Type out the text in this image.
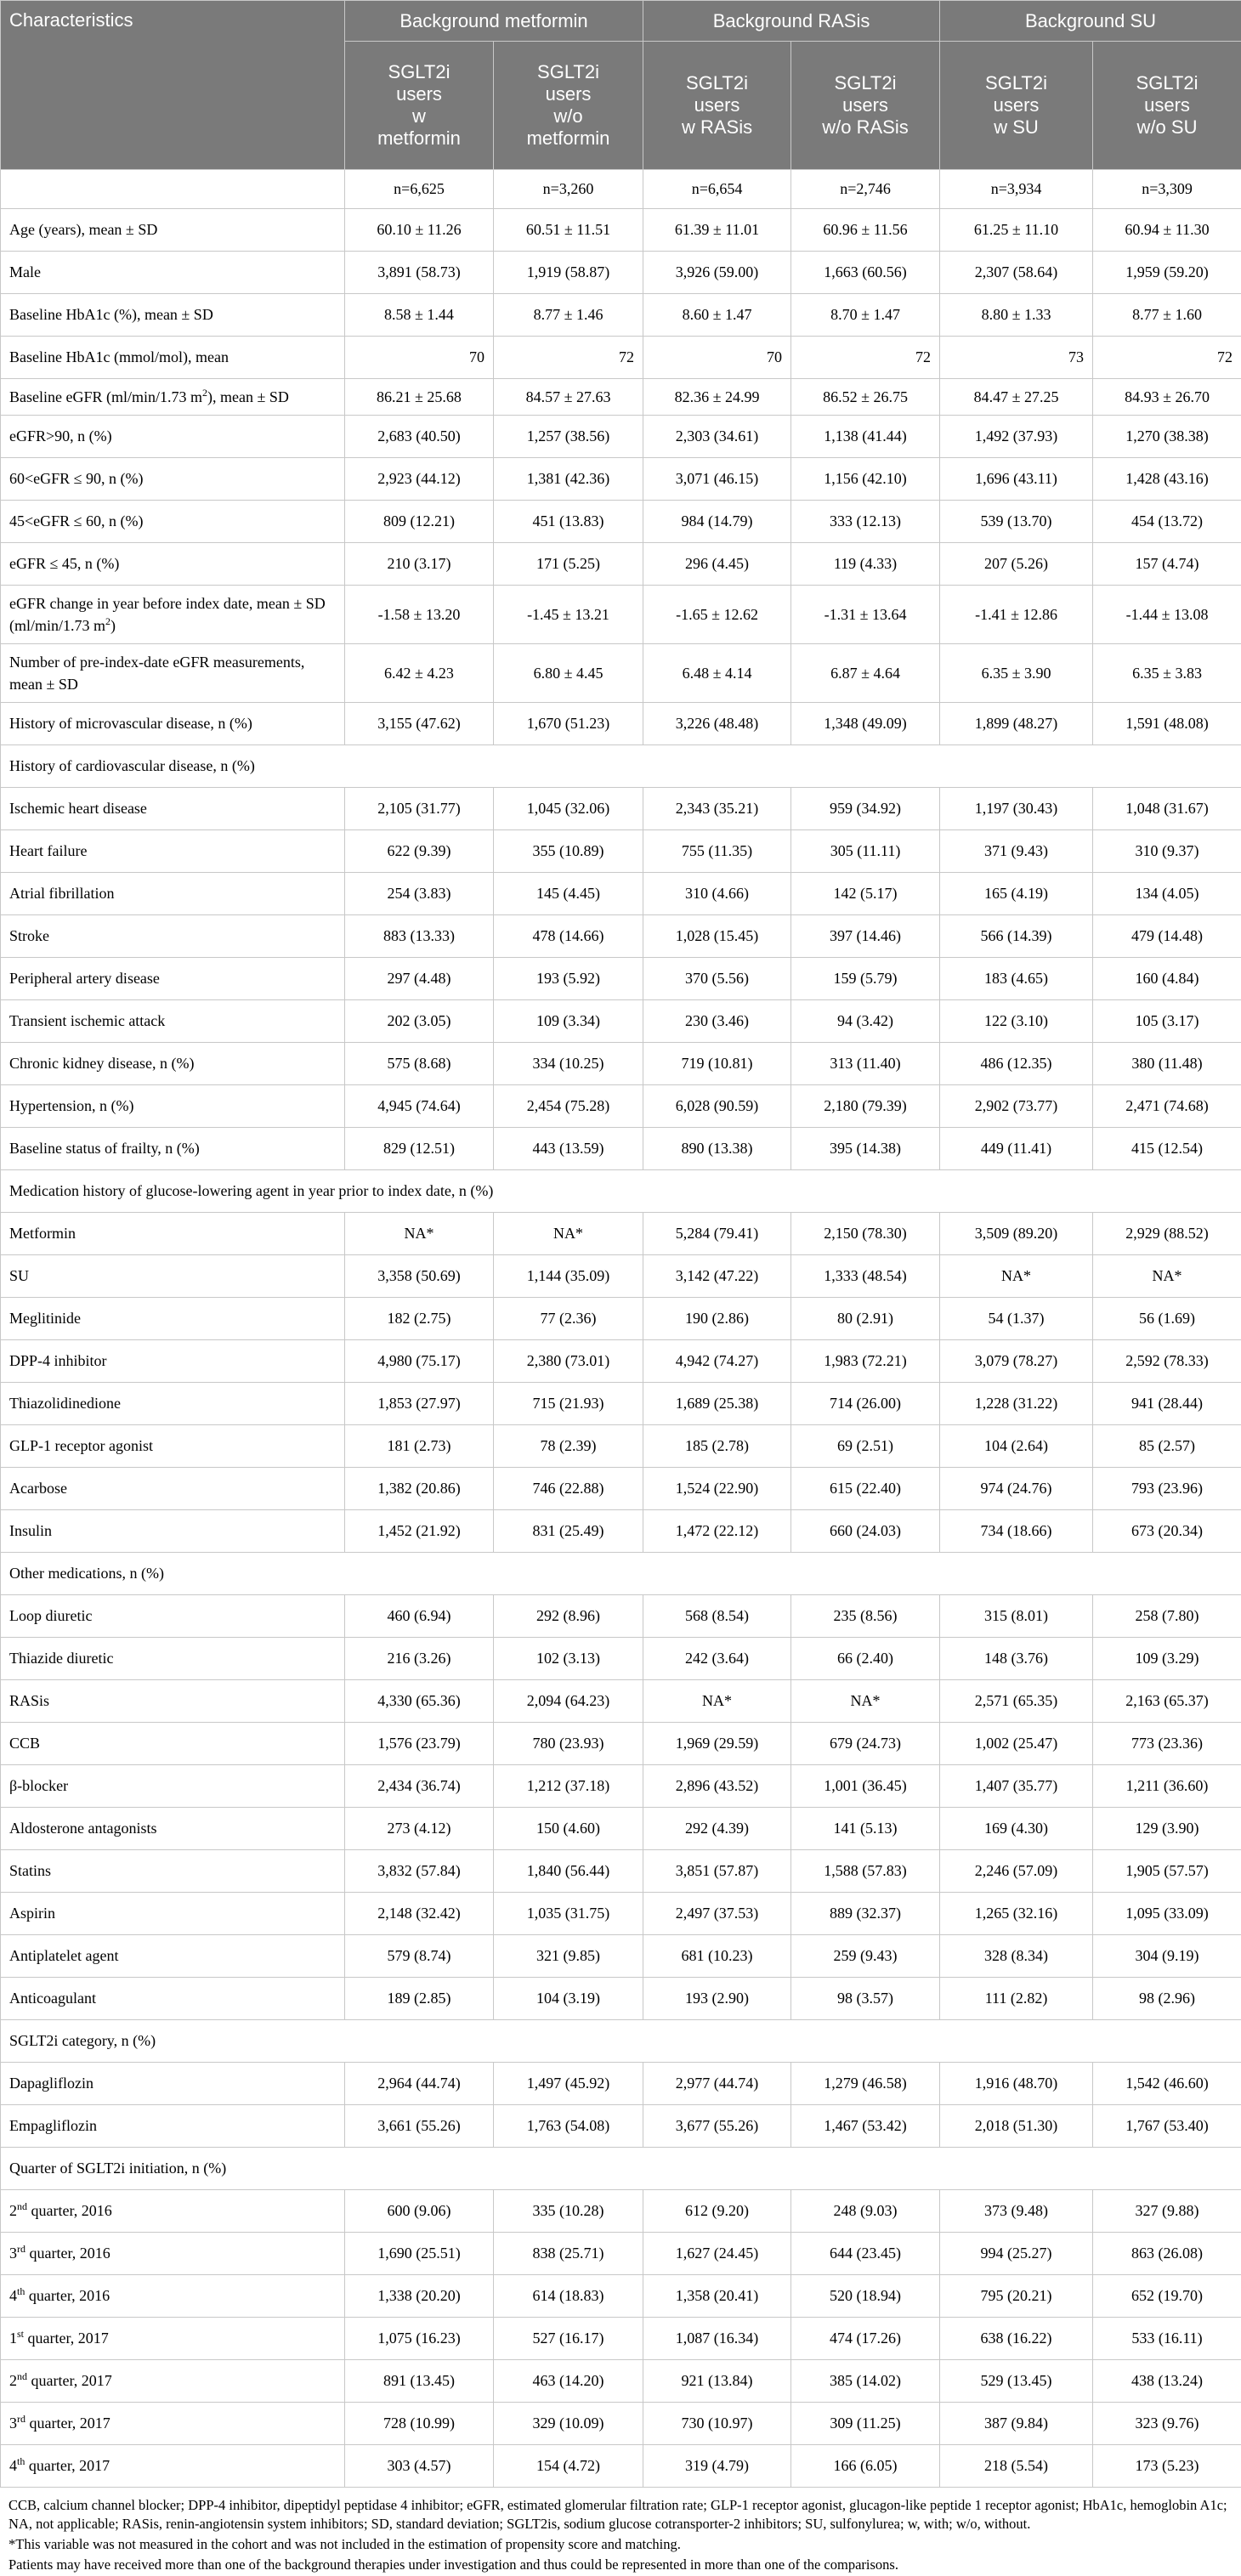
Characteristics	Background metformin		Background RASis		Background SU	
	SGLT2i
users
w
metformin	SGLT2i
users
w/o
metformin	SGLT2i
users
w RASis	SGLT2i
users
w/o RASis	SGLT2i
users
w SU	SGLT2i
users
w/o SU
	n=6,625	n=3,260	n=6,654	n=2,746	n=3,934	n=3,309
Age (years), mean ± SD	60.10 ± 11.26	60.51 ± 11.51	61.39 ± 11.01	60.96 ± 11.56	61.25 ± 11.10	60.94 ± 11.30
Male	3,891 (58.73)	1,919 (58.87)	3,926 (59.00)	1,663 (60.56)	2,307 (58.64)	1,959 (59.20)
Baseline HbA1c (%), mean ± SD	8.58 ± 1.44	8.77 ± 1.46	8.60 ± 1.47	8.70 ± 1.47	8.80 ± 1.33	8.77 ± 1.60
Baseline HbA1c (mmol/mol), mean	70	72	70	72	73	72
Baseline eGFR (ml/min/1.73 $m^2$), mean ± SD	86.21 ± 25.68	84.57 ± 27.63	82.36 ± 24.99	86.52 ± 26.75	84.47 ± 27.25	84.93 ± 26.70
eGFR>90, n (%)	2,683 (40.50)	1,257 (38.56)	2,303 (34.61)	1,138 (41.44)	1,492 (37.93)	1,270 (38.38)
60<eGFR ≤ 90, n (%)	2,923 (44.12)	1,381 (42.36)	3,071 (46.15)	1,156 (42.10)	1,696 (43.11)	1,428 (43.16)
45<eGFR ≤ 60, n (%)	809 (12.21)	451 (13.83)	984 (14.79)	333 (12.13)	539 (13.70)	454 (13.72)
eGFR ≤ 45, n (%)	210 (3.17)	171 (5.25)	296 (4.45)	119 (4.33)	207 (5.26)	157 (4.74)
eGFR change in year before index date, mean ± SD (ml/min/1.73 $m^2$)	-1.58 ± 13.20	-1.45 ± 13.21	-1.65 ± 12.62	-1.31 ± 13.64	-1.41 ± 12.86	-1.44 ± 13.08
Number of pre-index-date eGFR measurements, mean ± SD	6.42 ± 4.23	6.80 ± 4.45	6.48 ± 4.14	6.87 ± 4.64	6.35 ± 3.90	6.35 ± 3.83
History of microvascular disease, n (%)	3,155 (47.62)	1,670 (51.23)	3,226 (48.48)	1,348 (49.09)	1,899 (48.27)	1,591 (48.08)
History of cardiovascular disease, n (%)						
Ischemic heart disease	2,105 (31.77)	1,045 (32.06)	2,343 (35.21)	959 (34.92)	1,197 (30.43)	1,048 (31.67)
Heart failure	622 (9.39)	355 (10.89)	755 (11.35)	305 (11.11)	371 (9.43)	310 (9.37)
Atrial fibrillation	254 (3.83)	145 (4.45)	310 (4.66)	142 (5.17)	165 (4.19)	134 (4.05)
Stroke	883 (13.33)	478 (14.66)	1,028 (15.45)	397 (14.46)	566 (14.39)	479 (14.48)
Peripheral artery disease	297 (4.48)	193 (5.92)	370 (5.56)	159 (5.79)	183 (4.65)	160 (4.84)
Transient ischemic attack	202 (3.05)	109 (3.34)	230 (3.46)	94 (3.42)	122 (3.10)	105 (3.17)
Chronic kidney disease, n (%)	575 (8.68)	334 (10.25)	719 (10.81)	313 (11.40)	486 (12.35)	380 (11.48)
Hypertension, n (%)	4,945 (74.64)	2,454 (75.28)	6,028 (90.59)	2,180 (79.39)	2,902 (73.77)	2,471 (74.68)
Baseline status of frailty, n (%)	829 (12.51)	443 (13.59)	890 (13.38)	395 (14.38)	449 (11.41)	415 (12.54)
Medication history of glucose-lowering agent in year prior to index date, n (%)						
Metformin	NA*	NA*	5,284 (79.41)	2,150 (78.30)	3,509 (89.20)	2,929 (88.52)
SU	3,358 (50.69)	1,144 (35.09)	3,142 (47.22)	1,333 (48.54)	NA*	NA*
Meglitinide	182 (2.75)	77 (2.36)	190 (2.86)	80 (2.91)	54 (1.37)	56 (1.69)
DPP-4 inhibitor	4,980 (75.17)	2,380 (73.01)	4,942 (74.27)	1,983 (72.21)	3,079 (78.27)	2,592 (78.33)
Thiazolidinedione	1,853 (27.97)	715 (21.93)	1,689 (25.38)	714 (26.00)	1,228 (31.22)	941 (28.44)
GLP-1 receptor agonist	181 (2.73)	78 (2.39)	185 (2.78)	69 (2.51)	104 (2.64)	85 (2.57)
Acarbose	1,382 (20.86)	746 (22.88)	1,524 (22.90)	615 (22.40)	974 (24.76)	793 (23.96)
Insulin	1,452 (21.92)	831 (25.49)	1,472 (22.12)	660 (24.03)	734 (18.66)	673 (20.34)
Other medications, n (%)						
Loop diuretic	460 (6.94)	292 (8.96)	568 (8.54)	235 (8.56)	315 (8.01)	258 (7.80)
Thiazide diuretic	216 (3.26)	102 (3.13)	242 (3.64)	66 (2.40)	148 (3.76)	109 (3.29)
RASis	4,330 (65.36)	2,094 (64.23)	NA*	NA*	2,571 (65.35)	2,163 (65.37)
CCB	1,576 (23.79)	780 (23.93)	1,969 (29.59)	679 (24.73)	1,002 (25.47)	773 (23.36)
β-blocker	2,434 (36.74)	1,212 (37.18)	2,896 (43.52)	1,001 (36.45)	1,407 (35.77)	1,211 (36.60)
Aldosterone antagonists	273 (4.12)	150 (4.60)	292 (4.39)	141 (5.13)	169 (4.30)	129 (3.90)
Statins	3,832 (57.84)	1,840 (56.44)	3,851 (57.87)	1,588 (57.83)	2,246 (57.09)	1,905 (57.57)
Aspirin	2,148 (32.42)	1,035 (31.75)	2,497 (37.53)	889 (32.37)	1,265 (32.16)	1,095 (33.09)
Antiplatelet agent	579 (8.74)	321 (9.85)	681 (10.23)	259 (9.43)	328 (8.34)	304 (9.19)
Anticoagulant	189 (2.85)	104 (3.19)	193 (2.90)	98 (3.57)	111 (2.82)	98 (2.96)
SGLT2i category, n (%)						
Dapagliflozin	2,964 (44.74)	1,497 (45.92)	2,977 (44.74)	1,279 (46.58)	1,916 (48.70)	1,542 (46.60)
Empagliflozin	3,661 (55.26)	1,763 (54.08)	3,677 (55.26)	1,467 (53.42)	2,018 (51.30)	1,767 (53.40)
Quarter of SGLT2i initiation, n (%)						
2nd quarter, 2016	600 (9.06)	335 (10.28)	612 (9.20)	248 (9.03)	373 (9.48)	327 (9.88)
3rd quarter, 2016	1,690 (25.51)	838 (25.71)	1,627 (24.45)	644 (23.45)	994 (25.27)	863 (26.08)
4th quarter, 2016	1,338 (20.20)	614 (18.83)	1,358 (20.41)	520 (18.94)	795 (20.21)	652 (19.70)
1st quarter, 2017	1,075 (16.23)	527 (16.17)	1,087 (16.34)	474 (17.26)	638 (16.22)	533 (16.11)
2nd quarter, 2017	891 (13.45)	463 (14.20)	921 (13.84)	385 (14.02)	529 (13.45)	438 (13.24)
3rd quarter, 2017	728 (10.99)	329 (10.09)	730 (10.97)	309 (11.25)	387 (9.84)	323 (9.76)
4th quarter, 2017	303 (4.57)	154 (4.72)	319 (4.79)	166 (6.05)	218 (5.54)	173 (5.23)

CCB, calcium channel blocker; DPP-4 inhibitor, dipeptidyl peptidase 4 inhibitor; eGFR, estimated glomerular filtration rate; GLP-1 receptor agonist, glucagon-like peptide 1 receptor agonist; HbA1c, hemoglobin A1c; NA, not applicable; RASis, renin-angiotensin system inhibitors; SD, standard deviation; SGLT2is, sodium glucose cotransporter-2 inhibitors; SU, sulfonylurea; w, with; w/o, without.

*This variable was not measured in the cohort and was not included in the estimation of propensity score and matching.

Patients may have received more than one of the background therapies under investigation and thus could be represented in more than one of the comparisons.
